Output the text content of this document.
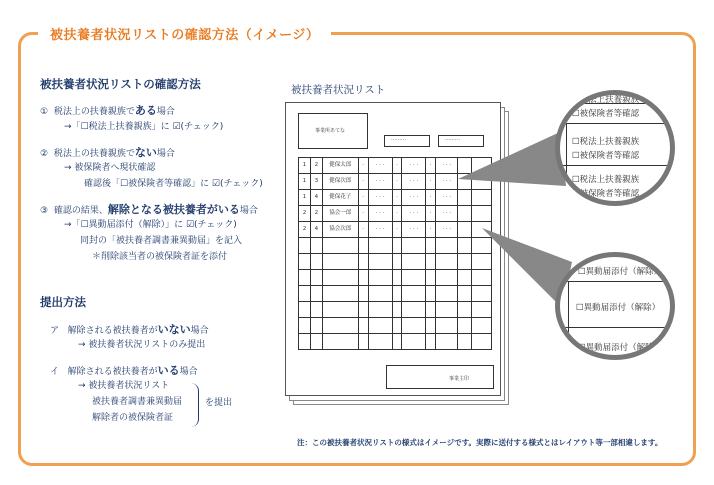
被扶養者状況リストの確認方法（イメージ）
被扶養者状況リストの確認方法
① 税法上の扶養親族である場合
→「☐税法上扶養親族」に ☑(チェック)
② 税法上の扶養親族でない場合
→ 被保険者へ現状確認
確認後「☐被保険者等確認」に ☑(チェック)
③ 確認の結果、解除となる被扶養者がいる場合
→「☐異動届添付（解除）」に ☑(チェック)
同封の「被扶養者調書兼異動届」を記入
＊削除該当者の被保険者証を添付
提出方法
ア 解除される被扶養者がいない場合
→ 被扶養者状況リストのみ提出
イ 解除される被扶養者がいる場合
→ 被扶養者状況リスト
被扶養者調書兼異動届
解除者の被保険者証
を提出
被扶養者状況リスト
事業所あてな
………	………
1	2	健保太郎	·	· · ·	·	· · ·	·	· · ·		
1	3	健保次郎	·	· · ·	·	· · ·	·	· · ·		
1	4	健保花子	·	· · ·	·	· · ·	·	· · ·		
2	2	協会一郎	·	· · ·	·	· · ·	·	· · ·		
2	4	協会次郎	·	· · ·	·	· · ·	·	· · ·		

事業主印
☐税法上扶養親族
☐被保険者等確認
☐税法上扶養親族
☐被保険者等確認
☐税法上扶養親族
☐被保険者等確認
☐異動届添付（解除）
☐異動届添付（解除）
☐異動届添付（解除）
注：この被扶養者状況リストの様式はイメージです。実際に送付する様式とはレイアウト等一部相違します。
